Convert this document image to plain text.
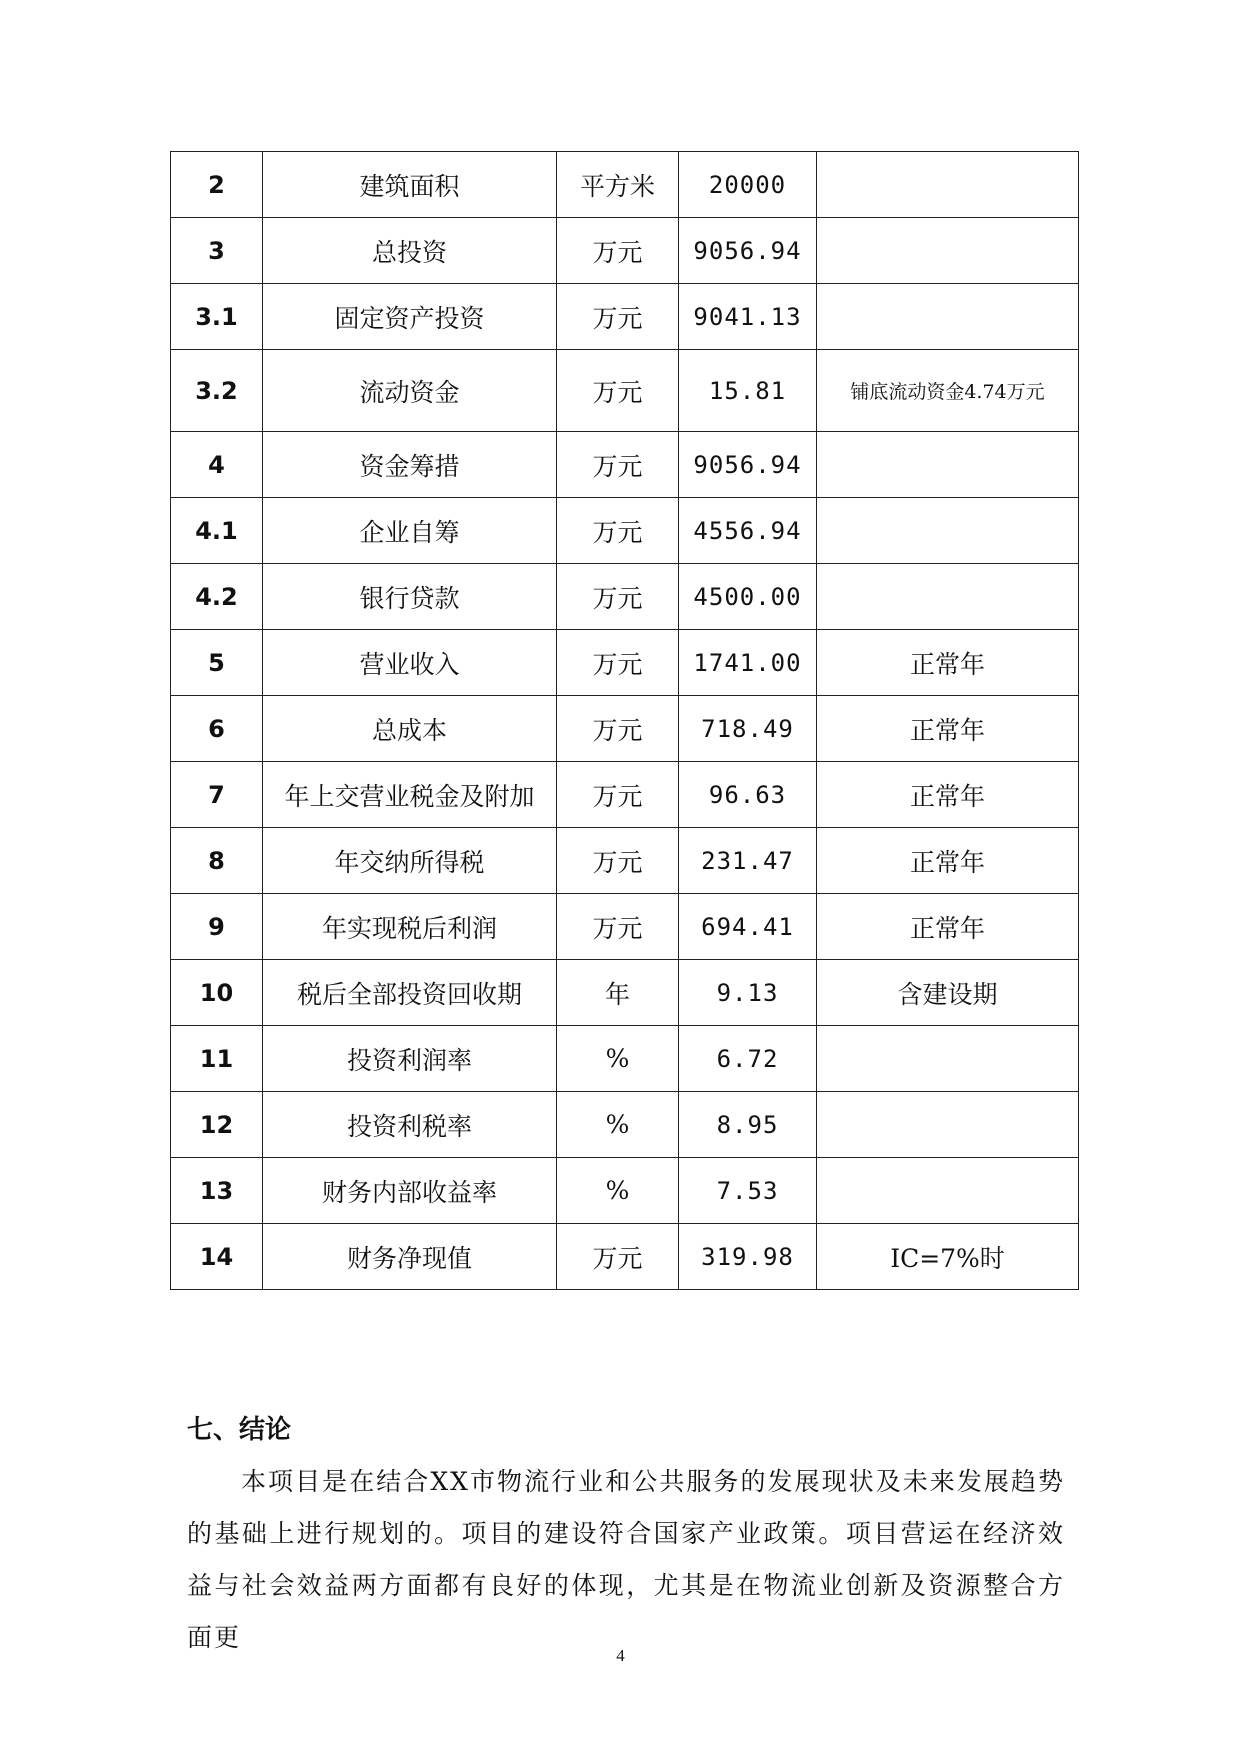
2	建筑面积	平方米	20000	
3	总投资	万元	9056.94	
3.1	固定资产投资	万元	9041.13	
3.2	流动资金	万元	15.81	铺底流动资金4.74万元
4	资金筹措	万元	9056.94	
4.1	企业自筹	万元	4556.94	
4.2	银行贷款	万元	4500.00	
5	营业收入	万元	1741.00	正常年
6	总成本	万元	718.49	正常年
7	年上交营业税金及附加	万元	96.63	正常年
8	年交纳所得税	万元	231.47	正常年
9	年实现税后利润	万元	694.41	正常年
10	税后全部投资回收期	年	9.13	含建设期
11	投资利润率	%	6.72	
12	投资利税率	%	8.95	
13	财务内部收益率	%	7.53	
14	财务净现值	万元	319.98	IC=7%时
七、结论

本项目是在结合XX市物流行业和公共服务的发展现状及未来发展趋势的基础上进行规划的。项目的建设符合国家产业政策。项目营运在经济效益与社会效益两方面都有良好的体现，尤其是在物流业创新及资源整合方面更

4
